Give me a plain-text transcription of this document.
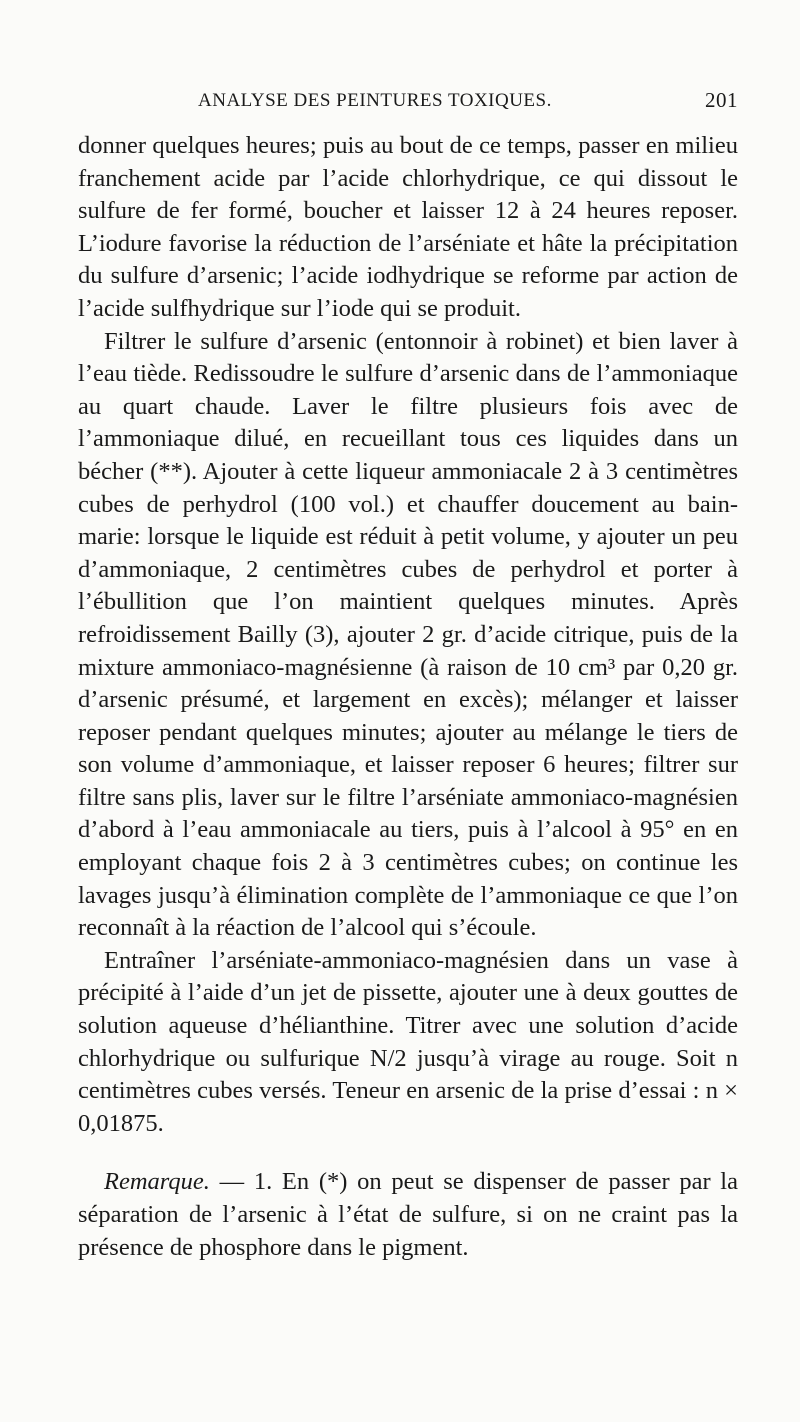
ANALYSE DES PEINTURES TOXIQUES.	201

donner quelques heures; puis au bout de ce temps, passer en milieu franchement acide par l’acide chlorhydrique, ce qui dissout le sulfure de fer formé, boucher et laisser 12 à 24 heures reposer. L’iodure favorise la réduction de l’arséniate et hâte la précipitation du sulfure d’arsenic; l’acide iodhydrique se reforme par action de l’acide sulfhydrique sur l’iode qui se produit.

Filtrer le sulfure d’arsenic (entonnoir à robinet) et bien laver à l’eau tiède. Redissoudre le sulfure d’arsenic dans de l’ammoniaque au quart chaude. Laver le filtre plusieurs fois avec de l’ammoniaque dilué, en recueillant tous ces liquides dans un bécher (**). Ajouter à cette liqueur ammoniacale 2 à 3 centimètres cubes de perhydrol (100 vol.) et chauffer doucement au bain-marie: lorsque le liquide est réduit à petit volume, y ajouter un peu d’ammoniaque, 2 centimètres cubes de perhydrol et porter à l’ébullition que l’on maintient quelques minutes. Après refroidissement Bailly (3), ajouter 2 gr. d’acide citrique, puis de la mixture ammoniaco-magnésienne (à raison de 10 cm³ par 0,20 gr. d’arsenic présumé, et largement en excès); mélanger et laisser reposer pendant quelques minutes; ajouter au mélange le tiers de son volume d’ammoniaque, et laisser reposer 6 heures; filtrer sur filtre sans plis, laver sur le filtre l’arséniate ammoniaco-magnésien d’abord à l’eau ammoniacale au tiers, puis à l’alcool à 95° en en employant chaque fois 2 à 3 centimètres cubes; on continue les lavages jusqu’à élimination complète de l’ammoniaque ce que l’on reconnaît à la réaction de l’alcool qui s’écoule.

Entraîner l’arséniate-ammoniaco-magnésien dans un vase à précipité à l’aide d’un jet de pissette, ajouter une à deux gouttes de solution aqueuse d’hélianthine. Titrer avec une solution d’acide chlorhydrique ou sulfurique N/2 jusqu’à virage au rouge. Soit n centimètres cubes versés. Teneur en arsenic de la prise d’essai : n × 0,01875.

Remarque. — 1. En (*) on peut se dispenser de passer par la séparation de l’arsenic à l’état de sulfure, si on ne craint pas la présence de phosphore dans le pigment.
